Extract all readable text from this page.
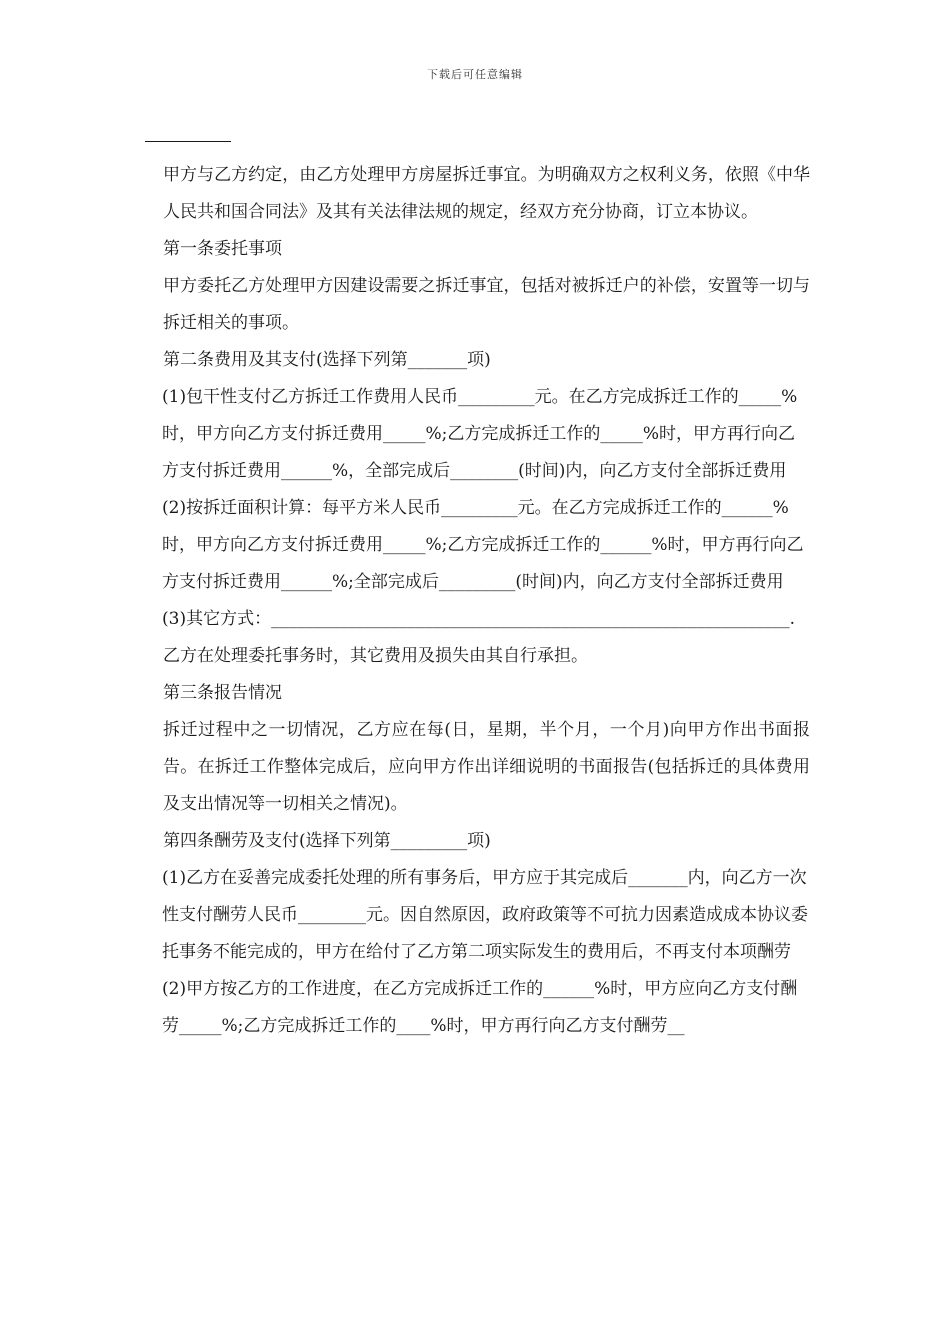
下载后可任意编辑

甲方与乙方约定，由乙方处理甲方房屋拆迁事宜。为明确双方之权利义务，依照《中华人民共和国合同法》及其有关法律法规的规定，经双方充分协商，订立本协议。

第一条委托事项

甲方委托乙方处理甲方因建设需要之拆迁事宜，包括对被拆迁户的补偿，安置等一切与拆迁相关的事项。

第二条费用及其支付(选择下列第_______项)

(1)包干性支付乙方拆迁工作费用人民币_________元。在乙方完成拆迁工作的_____%时，甲方向乙方支付拆迁费用_____%;乙方完成拆迁工作的_____%时，甲方再行向乙方支付拆迁费用______%，全部完成后________(时间)内，向乙方支付全部拆迁费用

(2)按拆迁面积计算：每平方米人民币_________元。在乙方完成拆迁工作的______%时，甲方向乙方支付拆迁费用_____%;乙方完成拆迁工作的______%时，甲方再行向乙方支付拆迁费用______%;全部完成后_________(时间)内，向乙方支付全部拆迁费用

(3)其它方式：_____________________________________________________________.

乙方在处理委托事务时，其它费用及损失由其自行承担。

第三条报告情况

拆迁过程中之一切情况，乙方应在每(日，星期，半个月，一个月)向甲方作出书面报告。在拆迁工作整体完成后，应向甲方作出详细说明的书面报告(包括拆迁的具体费用及支出情况等一切相关之情况)。

第四条酬劳及支付(选择下列第_________项)

(1)乙方在妥善完成委托处理的所有事务后，甲方应于其完成后_______内，向乙方一次性支付酬劳人民币________元。因自然原因，政府政策等不可抗力因素造成成本协议委托事务不能完成的，甲方在给付了乙方第二项实际发生的费用后，不再支付本项酬劳

(2)甲方按乙方的工作进度，在乙方完成拆迁工作的______%时，甲方应向乙方支付酬劳_____%;乙方完成拆迁工作的____%时，甲方再行向乙方支付酬劳__
